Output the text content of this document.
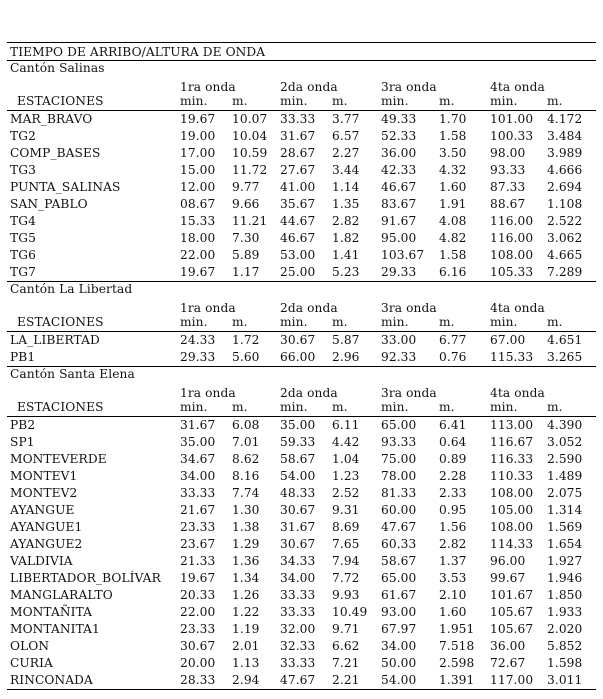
TIEMPO DE ARRIBO/ALTURA DE ONDA
Cantón Salinas
1ra onda	2da onda	3ra onda	4ta onda
ESTACIONES	min. m.	min. m.	min. m.	min. m.
MAR_BRAVO	19.67 10.07 33.33 3.77 49.33 1.70 101.00 4.172
TG2	19.00 10.04 31.67 6.57 52.33 1.58 100.33 3.484
COMP_BASES	17.00 10.59 28.67 2.27 36.00 3.50 98.00 3.989
TG3	15.00 11.72 27.67 3.44 42.33 4.32 93.33 4.666
PUNTA_SALINAS	12.00 9.77 41.00 1.14 46.67 1.60 87.33 2.694
SAN_PABLO	08.67 9.66 35.67 1.35 83.67 1.91 88.67 1.108
TG4	15.33 11.21 44.67 2.82 91.67 4.08 116.00 2.522
TG5	18.00 7.30 46.67 1.82 95.00 4.82 116.00 3.062
TG6	22.00 5.89 53.00 1.41 103.67 1.58 108.00 4.665
TG7	19.67 1.17 25.00 5.23 29.33 6.16 105.33 7.289
Cantón La Libertad
1ra onda	2da onda	3ra onda	4ta onda
ESTACIONES	min. m.	min. m.	min. m.	min. m.
LA_LIBERTAD	24.33 1.72 30.67 5.87 33.00 6.77 67.00 4.651
PB1	29.33 5.60 66.00 2.96 92.33 0.76 115.33 3.265
Cantón Santa Elena
1ra onda	2da onda	3ra onda	4ta onda
ESTACIONES	min. m.	min. m.	min. m.	min. m.
PB2	31.67 6.08 35.00 6.11 65.00 6.41 113.00 4.390
SP1	35.00 7.01 59.33 4.42 93.33 0.64 116.67 3.052
MONTEVERDE	34.67 8.62 58.67 1.04 75.00 0.89 116.33 2.590
MONTEV1	34.00 8.16 54.00 1.23 78.00 2.28 110.33 1.489
MONTEV2	33.33 7.74 48.33 2.52 81.33 2.33 108.00 2.075
AYANGUE	21.67 1.30 30.67 9.31 60.00 0.95 105.00 1.314
AYANGUE1	23.33 1.38 31.67 8.69 47.67 1.56 108.00 1.569
AYANGUE2	23.67 1.29 30.67 7.65 60.33 2.82 114.33 1.654
VALDIVIA	21.33 1.36 34.33 7.94 58.67 1.37 96.00 1.927
LIBERTADOR_BOLÍVAR 19.67 1.34 34.00 7.72 65.00 3.53 99.67 1.946
MANGLARALTO	20.33 1.26 33.33 9.93 61.67 2.10 101.67 1.850
MONTAÑITA	22.00 1.22 33.33 10.49 93.00 1.60 105.67 1.933
MONTANITA1	23.33 1.19 32.00 9.71 67.97 1.951 105.67 2.020
OLON	30.67 2.01 32.33 6.62 34.00 7.518 36.00 5.852
CURIA	20.00 1.13 33.33 7.21 50.00 2.598 72.67 1.598
RINCONADA	28.33 2.94 47.67 2.21 54.00 1.391 117.00 3.011
